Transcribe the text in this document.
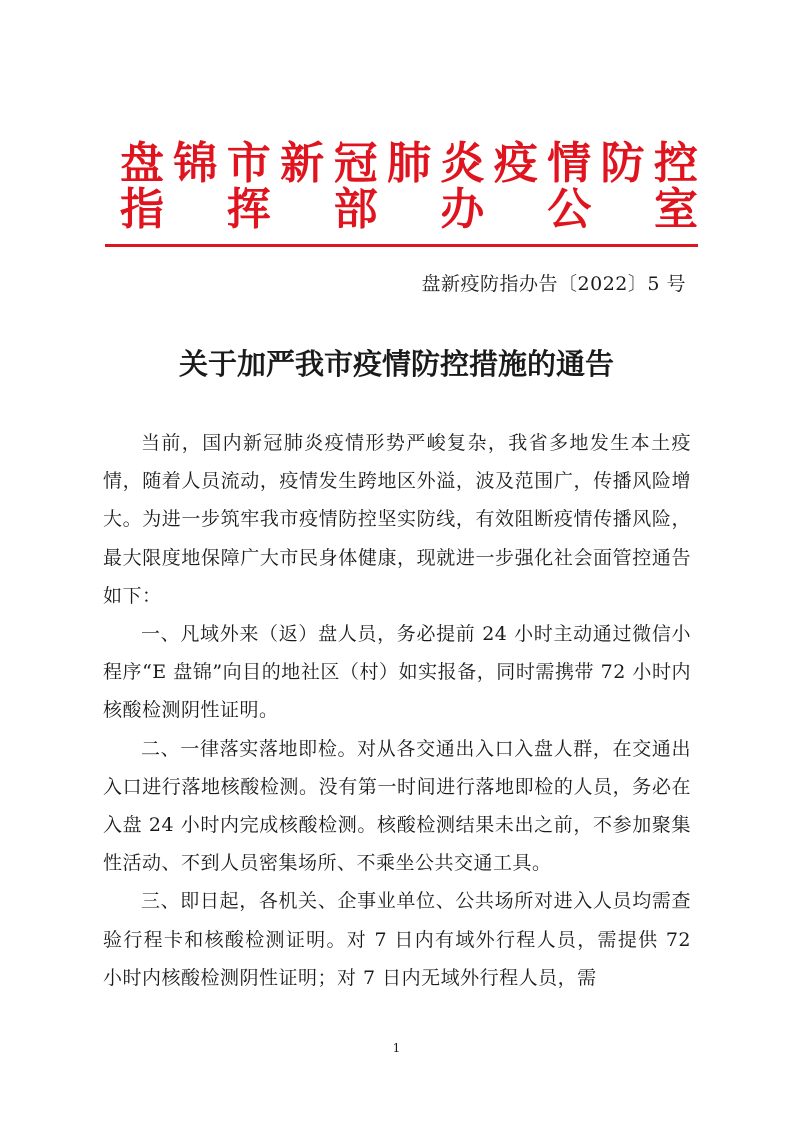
盘 锦 市 新 冠 肺 炎 疫 情 防 控
指 挥 部 办 公 室
盘新疫防指办告〔2022〕5 号
关于加严我市疫情防控措施的通告

当前，国内新冠肺炎疫情形势严峻复杂，我省多地发生本土疫情，随着人员流动，疫情发生跨地区外溢，波及范围广，传播风险增大。为进一步筑牢我市疫情防控坚实防线，有效阻断疫情传播风险，最大限度地保障广大市民身体健康，现就进一步强化社会面管控通告如下：

一、凡域外来（返）盘人员，务必提前 24 小时主动通过微信小程序“E 盘锦”向目的地社区（村）如实报备，同时需携带 72 小时内核酸检测阴性证明。

二、一律落实落地即检。对从各交通出入口入盘人群，在交通出入口进行落地核酸检测。没有第一时间进行落地即检的人员，务必在入盘 24 小时内完成核酸检测。核酸检测结果未出之前，不参加聚集性活动、不到人员密集场所、不乘坐公共交通工具。

三、即日起，各机关、企事业单位、公共场所对进入人员均需查验行程卡和核酸检测证明。对 7 日内有域外行程人员，需提供 72 小时内核酸检测阴性证明；对 7 日内无域外行程人员，需

1
